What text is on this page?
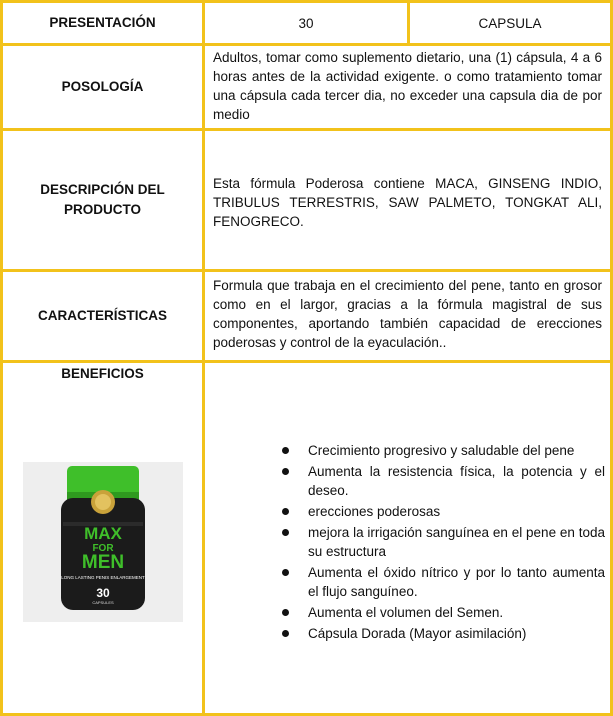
PRESENTACIÓN	30	CAPSULA
POSOLOGÍA
Adultos, tomar como suplemento dietario, una (1) cápsula, 4 a 6 horas antes de la actividad exigente. o como tratamiento tomar una cápsula cada tercer dia, no exceder una capsula dia de por medio
DESCRIPCIÓN DEL PRODUCTO
Esta fórmula Poderosa contiene MACA, GINSENG INDIO, TRIBULUS TERRESTRIS, SAW PALMETO, TONGKAT ALI, FENOGRECO.
CARACTERÍSTICAS
Formula que trabaja en el crecimiento del pene, tanto en grosor como en el largor, gracias a la fórmula magistral de sus componentes, aportando también capacidad de erecciones poderosas y control de la eyaculación..
BENEFICIOS
MAX
FOR
MEN
LONG LASTING PENIS ENLARGEMENT
30
CAPSULES
Crecimiento progresivo y saludable del pene
Aumenta la resistencia física, la potencia y el deseo.
erecciones poderosas
mejora la irrigación sanguínea en el pene en toda su estructura
Aumenta el óxido nítrico y por lo tanto aumenta el flujo sanguíneo.
Aumenta el volumen del Semen.
Cápsula Dorada (Mayor asimilación)
